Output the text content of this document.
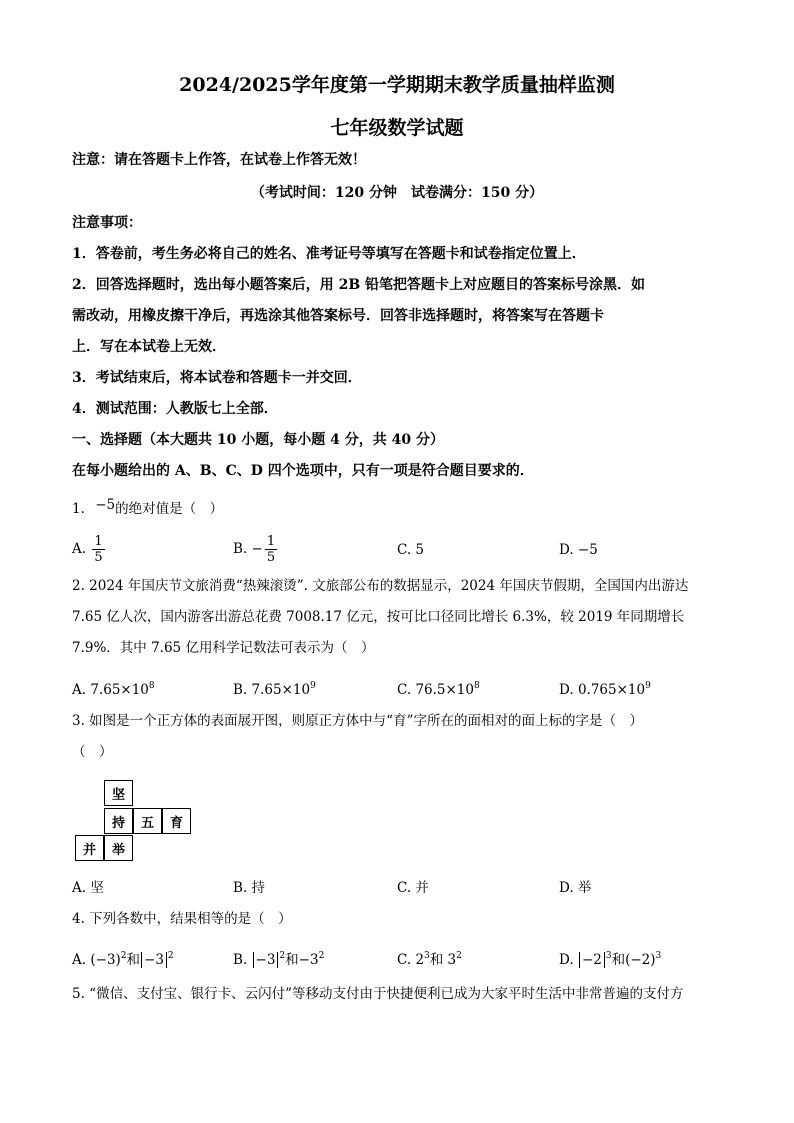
2024/2025学年度第一学期期末教学质量抽样监测
七年级数学试题
注意：请在答题卡上作答，在试卷上作答无效！
（考试时间：120 分钟　试卷满分：150 分）
注意事项：
1．答卷前，考生务必将自己的姓名、准考证号等填写在答题卡和试卷指定位置上．
2．回答选择题时，选出每小题答案后，用 2B 铅笔把答题卡上对应题目的答案标号涂黑．如
需改动，用橡皮擦干净后，再选涂其他答案标号．回答非选择题时，将答案写在答题卡
上．写在本试卷上无效．
3．考试结束后，将本试卷和答题卡一并交回．
4．测试范围：人教版七上全部．
一、选择题（本大题共 10 小题，每小题 4 分，共 40 分）
在每小题给出的 A、B、C、D 四个选项中，只有一项是符合题目要求的．
1. −5的绝对值是（　）
A. $\frac{1}{5}$	B. − $\frac{1}{5}$	C. 5	D. −5
2. 2024 年国庆节文旅消费“热辣滚烫”. 文旅部公布的数据显示，2024 年国庆节假期，全国国内出游达
7.65 亿人次，国内游客出游总花费 7008.17 亿元，按可比口径同比增长 6.3%，较 2019 年同期增长
7.9%．其中 7.65 亿用科学记数法可表示为（　）
A. $7.65\times 10^8$	B. $7.65\times 10^9$	C. $76.5\times 10^8$	D. $0.765\times 10^9$
3. 如图是一个正方体的表面展开图，则原正方体中与“育”字所在的面相对的面上标的字是（　）
（　）
坚
持	五	育
并	举
A. 坚	B. 持	C. 并	D. 举
4. 下列各数中，结果相等的是（　）
A. $(-3)^2$和 −3 $^2$	B. −3 $^2$和$-3^2$	C. $2^3$和 $3^2$	D. −2 $^3$和$(-2)^3$
5. “微信、支付宝、银行卡、云闪付”等移动支付由于快捷便利已成为大家平时生活中非常普遍的支付方
